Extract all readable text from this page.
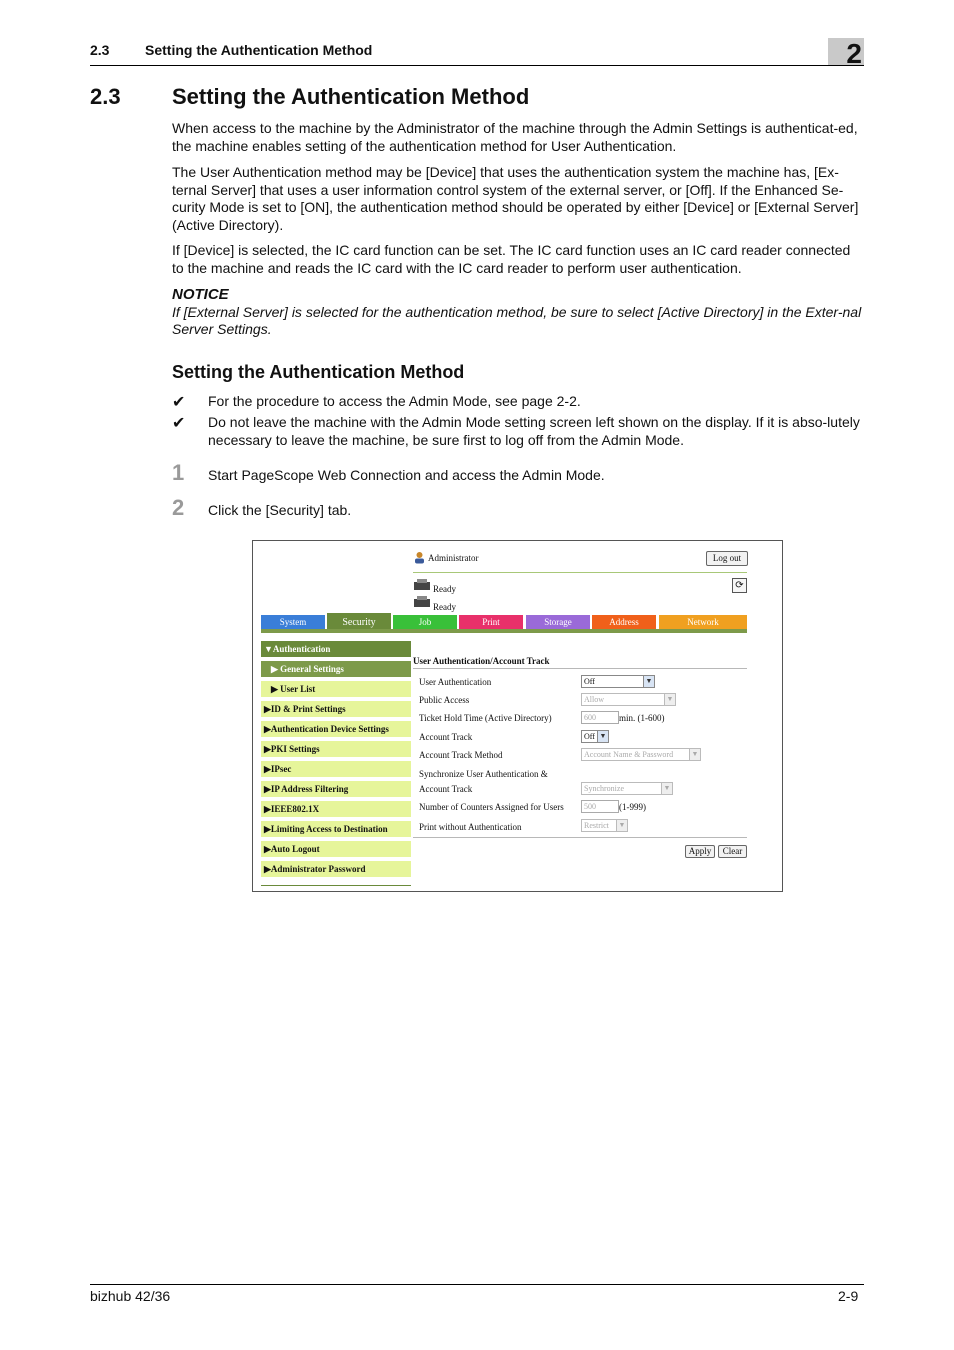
2.3	Setting the Authentication Method	2
2.3 Setting the Authentication Method
When access to the machine by the Administrator of the machine through the Admin Settings is authenticat-ed, the machine enables setting of the authentication method for User Authentication.
The User Authentication method may be [Device] that uses the authentication system the machine has, [Ex-ternal Server] that uses a user information control system of the external server, or [Off]. If the Enhanced Se-curity Mode is set to [ON], the authentication method should be operated by either [Device] or [External Server] (Active Directory).
If [Device] is selected, the IC card function can be set. The IC card function uses an IC card reader connected to the machine and reads the IC card with the IC card reader to perform user authentication.
NOTICE
If [External Server] is selected for the authentication method, be sure to select [Active Directory] in the Exter-nal Server Settings.
Setting the Authentication Method
✔ For the procedure to access the Admin Mode, see page 2-2.
✔ Do not leave the machine with the Admin Mode setting screen left shown on the display. If it is abso-lutely necessary to leave the machine, be sure first to log off from the Admin Mode.
1 Start PageScope Web Connection and access the Admin Mode.
2 Click the [Security] tab.
Administrator	Log out
⟳
Ready
Ready
System	Security	Job	Print	Storage	Address	Network
▼Authentication
▶ General Settings
▶ User List
▶ID & Print Settings
▶Authentication Device Settings
▶PKI Settings
▶IPsec
▶IP Address Filtering
▶IEEE802.1X
▶Limiting Access to Destination
▶Auto Logout
▶Administrator Password
User Authentication/Account Track
User Authentication	Off	▼
Public Access	Allow	▼
Ticket Hold Time (Active Directory)	600	min. (1-600)
Account Track	Off ▼
Account Track Method	Account Name & Password	▼
Synchronize User Authentication &
Account Track	Synchronize	▼
Number of Counters Assigned for Users	500	(1-999)
Print without Authentication	Restrict	▼
Apply	Clear
bizhub 42/36	2-9
